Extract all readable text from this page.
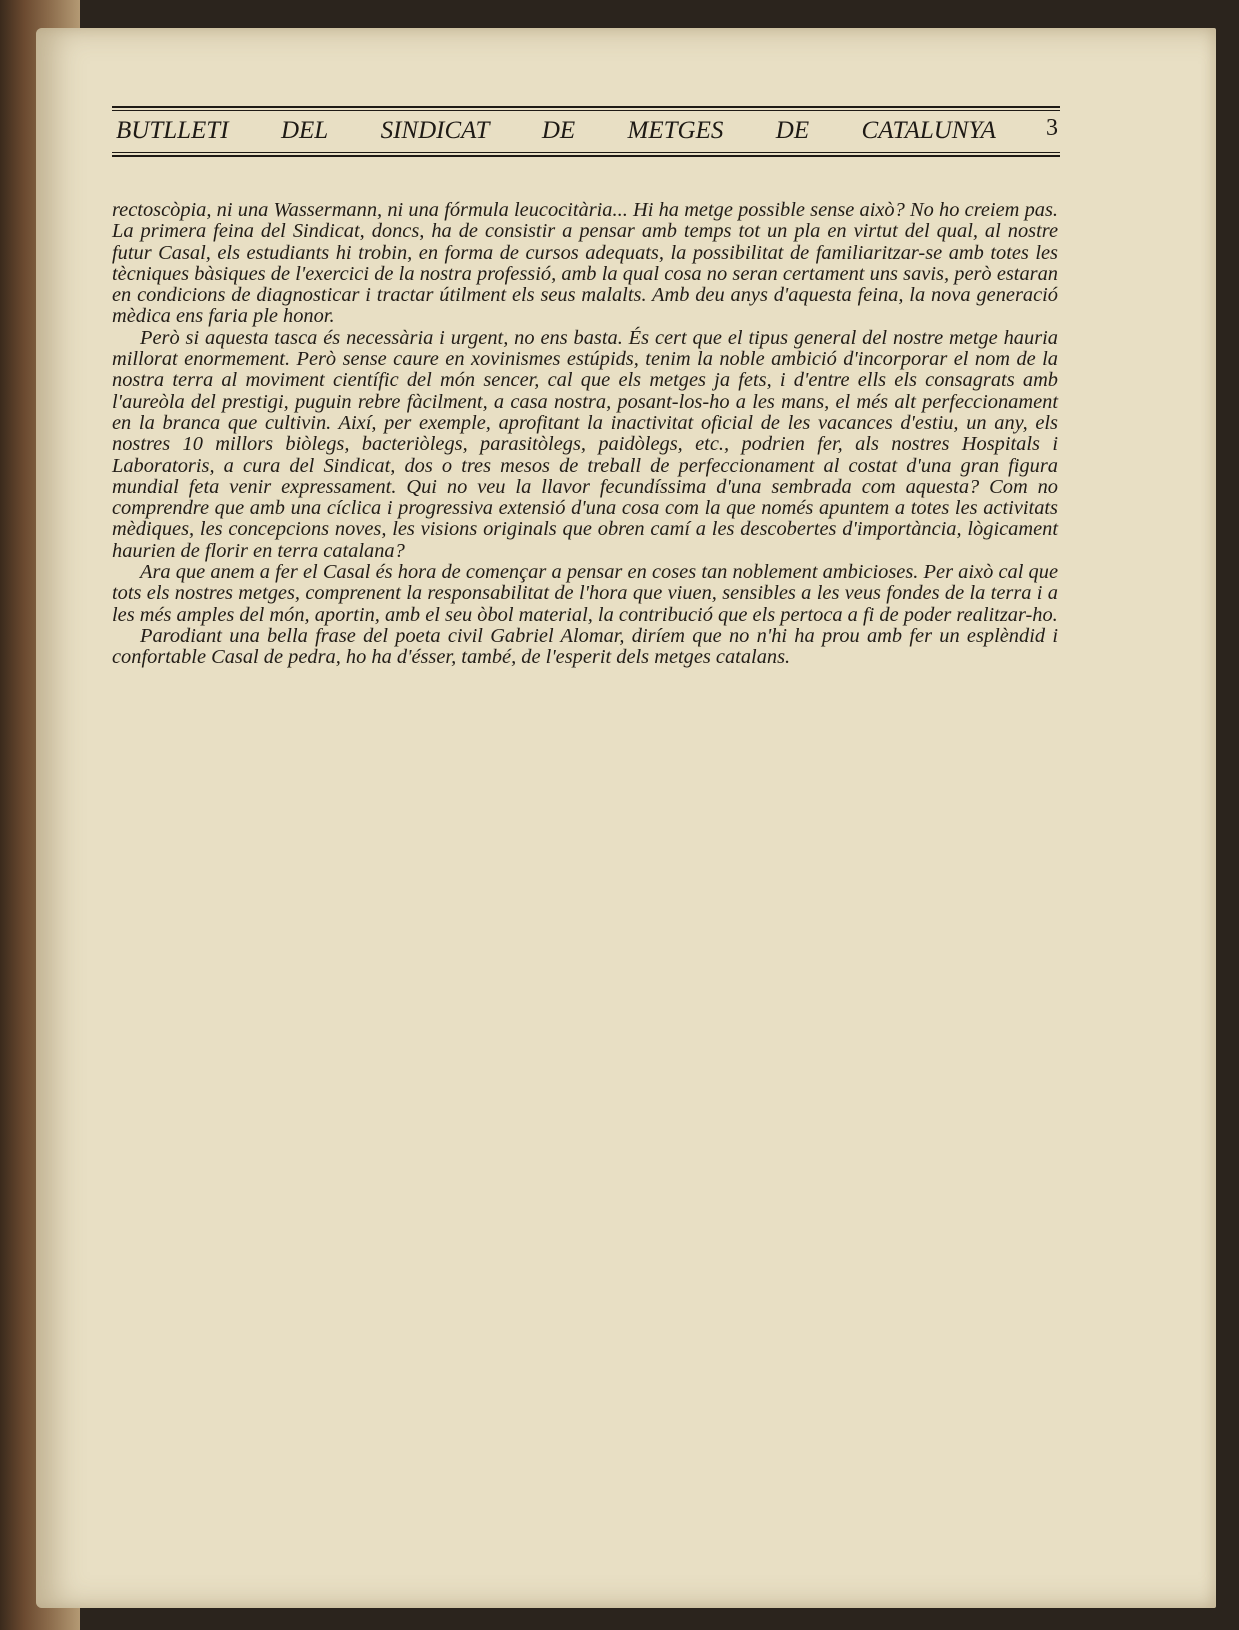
BUTLLETI DEL SINDICAT DE METGES DE CATALUNYA 3

rectoscòpia, ni una Wassermann, ni una fórmula leucocitària... Hi ha metge possible sense això? No ho creiem pas. La primera feina del Sindicat, doncs, ha de consistir a pensar amb temps tot un pla en virtut del qual, al nostre futur Casal, els estudiants hi trobin, en forma de cursos adequats, la possibilitat de familiaritzar-se amb totes les tècniques bàsiques de l'exercici de la nostra professió, amb la qual cosa no seran certament uns savis, però estaran en condicions de diagnosticar i tractar útilment els seus malalts. Amb deu anys d'aquesta feina, la nova generació mèdica ens faria ple honor.

Però si aquesta tasca és necessària i urgent, no ens basta. És cert que el tipus general del nostre metge hauria millorat enormement. Però sense caure en xovinismes estúpids, tenim la noble ambició d'incorporar el nom de la nostra terra al moviment científic del món sencer, cal que els metges ja fets, i d'entre ells els consagrats amb l'aureòla del prestigi, puguin rebre fàcilment, a casa nostra, posant-los-ho a les mans, el més alt perfeccionament en la branca que cultivin. Així, per exemple, aprofitant la inactivitat oficial de les vacances d'estiu, un any, els nostres 10 millors biòlegs, bacteriòlegs, parasitòlegs, paidòlegs, etc., podrien fer, als nostres Hospitals i Laboratoris, a cura del Sindicat, dos o tres mesos de treball de perfeccionament al costat d'una gran figura mundial feta venir expressament. Qui no veu la llavor fecundíssima d'una sembrada com aquesta? Com no comprendre que amb una cíclica i progressiva extensió d'una cosa com la que només apuntem a totes les activitats mèdiques, les concepcions noves, les visions originals que obren camí a les descobertes d'importància, lògicament haurien de florir en terra catalana?

Ara que anem a fer el Casal és hora de començar a pensar en coses tan noblement ambicioses. Per això cal que tots els nostres metges, comprenent la responsabilitat de l'hora que viuen, sensibles a les veus fondes de la terra i a les més amples del món, aportin, amb el seu òbol material, la contribució que els pertoca a fi de poder realitzar-ho.

Parodiant una bella frase del poeta civil Gabriel Alomar, diríem que no n'hi ha prou amb fer un esplèndid i confortable Casal de pedra, ho ha d'ésser, també, de l'esperit dels metges catalans.
